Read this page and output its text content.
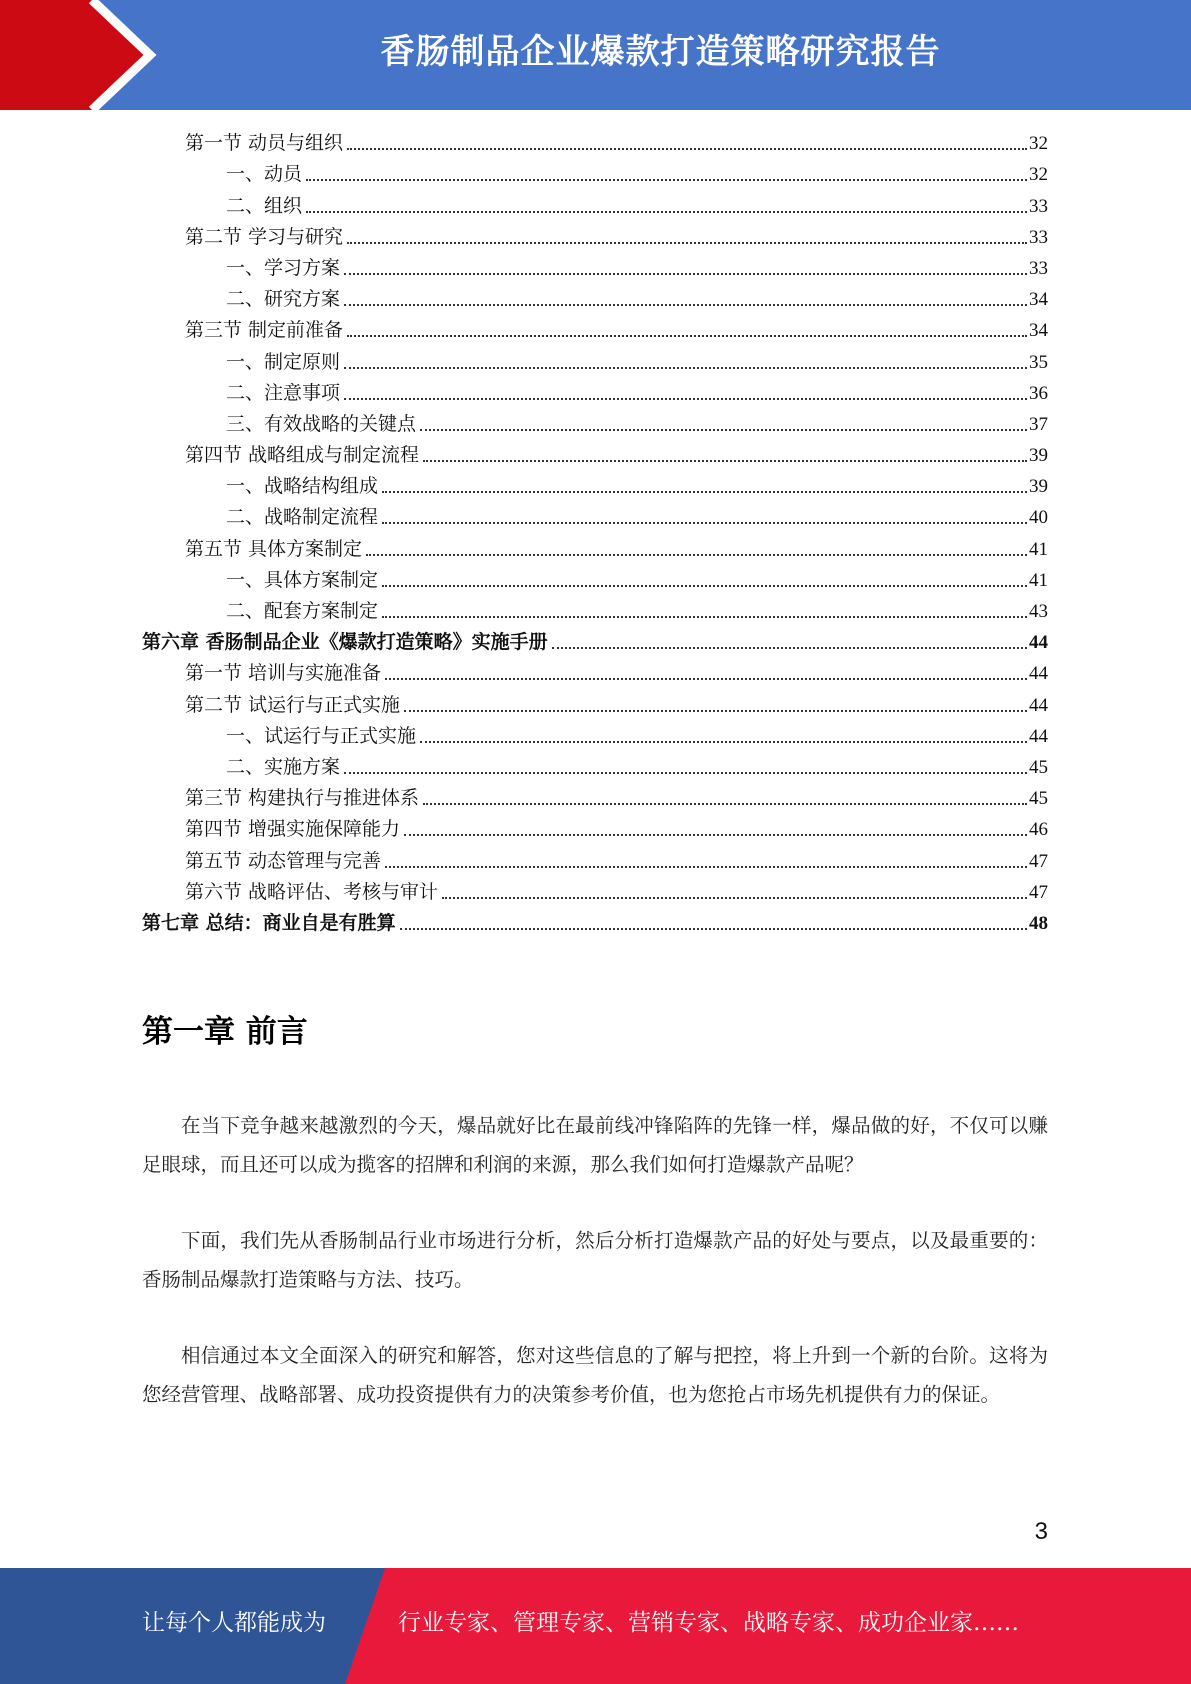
香肠制品企业爆款打造策略研究报告
第一节 动员与组织	32
一、动员	32
二、组织	33
第二节 学习与研究	33
一、学习方案	33
二、研究方案	34
第三节 制定前准备	34
一、制定原则	35
二、注意事项	36
三、有效战略的关键点	37
第四节 战略组成与制定流程	39
一、战略结构组成	39
二、战略制定流程	40
第五节 具体方案制定	41
一、具体方案制定	41
二、配套方案制定	43
第六章 香肠制品企业《爆款打造策略》实施手册	44
第一节 培训与实施准备	44
第二节 试运行与正式实施	44
一、试运行与正式实施	44
二、实施方案	45
第三节 构建执行与推进体系	45
第四节 增强实施保障能力	46
第五节 动态管理与完善	47
第六节 战略评估、考核与审计	47
第七章 总结：商业自是有胜算	48
第一章 前言

在当下竞争越来越激烈的今天，爆品就好比在最前线冲锋陷阵的先锋一样，爆品做的好，不仅可以赚足眼球，而且还可以成为揽客的招牌和利润的来源，那么我们如何打造爆款产品呢？

下面，我们先从香肠制品行业市场进行分析，然后分析打造爆款产品的好处与要点，以及最重要的：香肠制品爆款打造策略与方法、技巧。

相信通过本文全面深入的研究和解答，您对这些信息的了解与把控，将上升到一个新的台阶。这将为您经营管理、战略部署、成功投资提供有力的决策参考价值，也为您抢占市场先机提供有力的保证。

3
让每个人都能成为	行业专家、管理专家、营销专家、战略专家、成功企业家……
